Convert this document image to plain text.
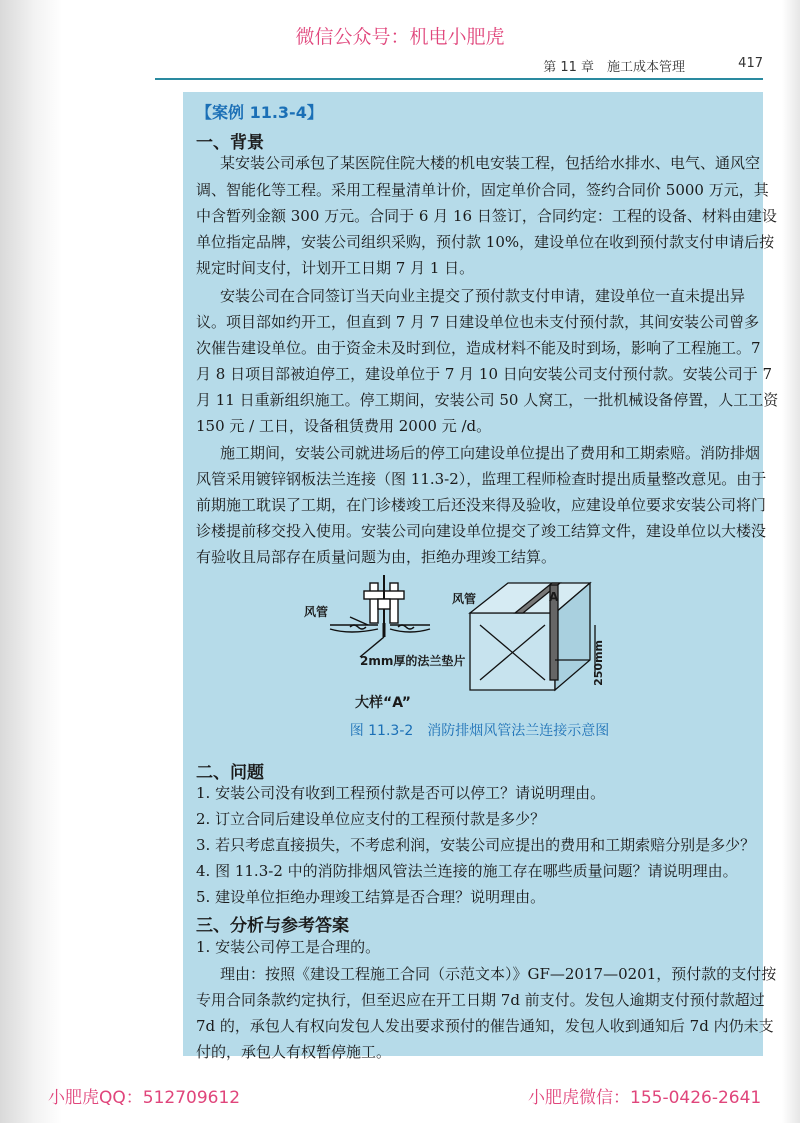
微信公众号：机电小肥虎
第 11 章　施工成本管理	417
【案例 11.3-4】
一、背景
某安装公司承包了某医院住院大楼的机电安装工程，包括给水排水、电气、通风空
调、智能化等工程。采用工程量清单计价，固定单价合同，签约合同价 5000 万元，其
中含暂列金额 300 万元。合同于 6 月 16 日签订，合同约定：工程的设备、材料由建设
单位指定品牌，安装公司组织采购，预付款 10%，建设单位在收到预付款支付申请后按
规定时间支付，计划开工日期 7 月 1 日。
安装公司在合同签订当天向业主提交了预付款支付申请，建设单位一直未提出异
议。项目部如约开工，但直到 7 月 7 日建设单位也未支付预付款，其间安装公司曾多
次催告建设单位。由于资金未及时到位，造成材料不能及时到场，影响了工程施工。7
月 8 日项目部被迫停工，建设单位于 7 月 10 日向安装公司支付预付款。安装公司于 7
月 11 日重新组织施工。停工期间，安装公司 50 人窝工，一批机械设备停置，人工工资
150 元 / 工日，设备租赁费用 2000 元 /d。
施工期间，安装公司就进场后的停工向建设单位提出了费用和工期索赔。消防排烟
风管采用镀锌钢板法兰连接（图 11.3-2），监理工程师检查时提出质量整改意见。由于
前期施工耽误了工期，在门诊楼竣工后还没来得及验收，应建设单位要求安装公司将门
诊楼提前移交投入使用。安装公司向建设单位提交了竣工结算文件，建设单位以大楼没
有验收且局部存在质量问题为由，拒绝办理竣工结算。
风管
2mm厚的法兰垫片
风管	A
250mm
大样“A”
图 11.3-2　消防排烟风管法兰连接示意图
二、问题
1. 安装公司没有收到工程预付款是否可以停工？请说明理由。
2. 订立合同后建设单位应支付的工程预付款是多少？
3. 若只考虑直接损失，不考虑利润，安装公司应提出的费用和工期索赔分别是多少？
4. 图 11.3-2 中的消防排烟风管法兰连接的施工存在哪些质量问题？请说明理由。
5. 建设单位拒绝办理竣工结算是否合理？说明理由。
三、分析与参考答案
1. 安装公司停工是合理的。
理由：按照《建设工程施工合同（示范文本）》GF—2017—0201，预付款的支付按
专用合同条款约定执行，但至迟应在开工日期 7d 前支付。发包人逾期支付预付款超过
7d 的，承包人有权向发包人发出要求预付的催告通知，发包人收到通知后 7d 内仍未支
付的，承包人有权暂停施工。
小肥虎QQ：512709612	小肥虎微信：155-0426-2641
